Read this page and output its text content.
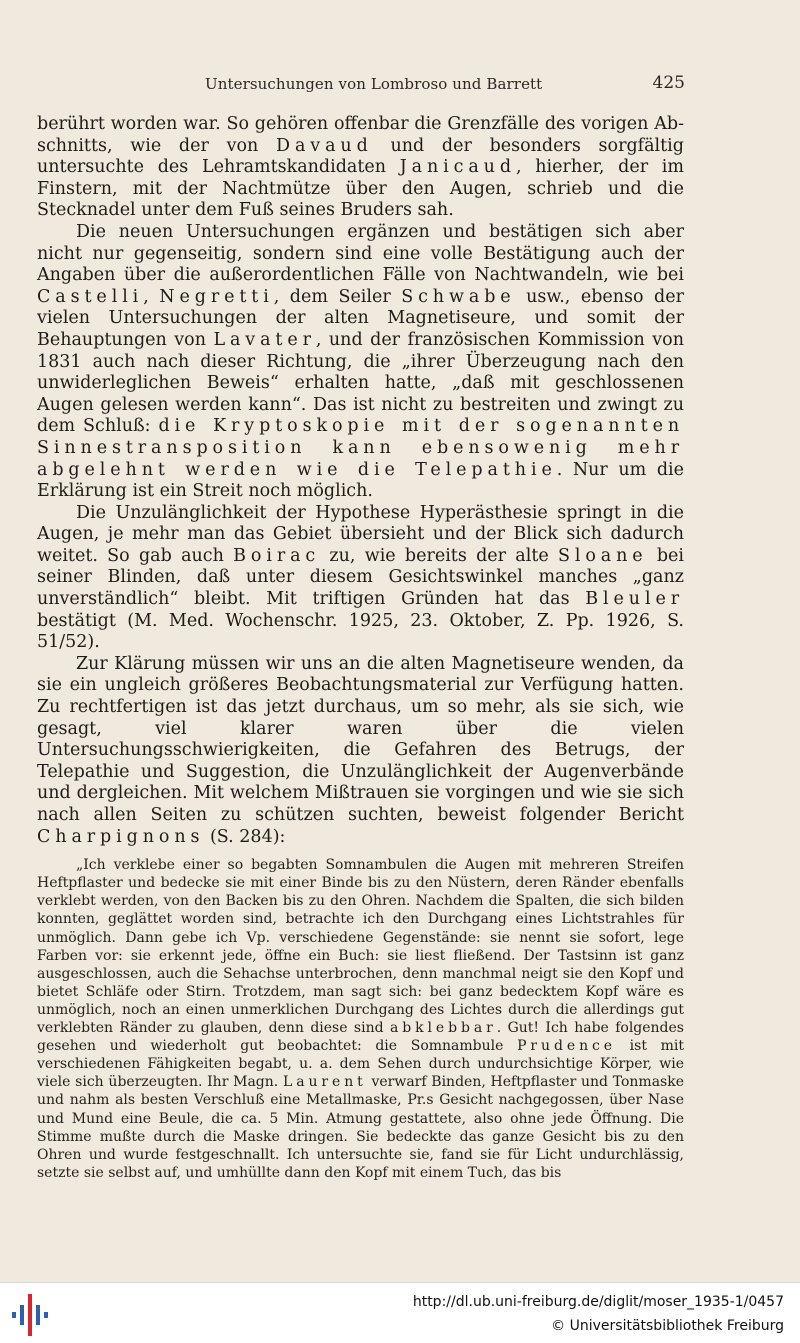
Untersuchungen von Lombroso und Barrett	425

berührt worden war. So gehören offenbar die Grenzfälle des vorigen Abschnitts, wie der von Davaud und der besonders sorgfältig untersuchte des Lehramtskandidaten Janicaud, hierher, der im Finstern, mit der Nachtmütze über den Augen, schrieb und die Stecknadel unter dem Fuß seines Bruders sah.

Die neuen Untersuchungen ergänzen und bestätigen sich aber nicht nur gegenseitig, sondern sind eine volle Bestätigung auch der Angaben über die außerordentlichen Fälle von Nachtwandeln, wie bei Castelli, Negretti, dem Seiler Schwabe usw., ebenso der vielen Untersuchungen der alten Magnetiseure, und somit der Behauptungen von Lavater, und der französischen Kommission von 1831 auch nach dieser Richtung, die „ihrer Überzeugung nach den unwiderleglichen Beweis“ erhalten hatte, „daß mit geschlossenen Augen gelesen werden kann“. Das ist nicht zu bestreiten und zwingt zu dem Schluß: die Kryptoskopie mit der sogenannten Sinnestransposition kann ebensowenig mehr abgelehnt werden wie die Telepathie. Nur um die Erklärung ist ein Streit noch möglich.

Die Unzulänglichkeit der Hypothese Hyperästhesie springt in die Augen, je mehr man das Gebiet übersieht und der Blick sich dadurch weitet. So gab auch Boirac zu, wie bereits der alte Sloane bei seiner Blinden, daß unter diesem Gesichtswinkel manches „ganz unverständlich“ bleibt. Mit triftigen Gründen hat das Bleuler bestätigt (M. Med. Wochenschr. 1925, 23. Oktober, Z. Pp. 1926, S. 51/52).

Zur Klärung müssen wir uns an die alten Magnetiseure wenden, da sie ein ungleich größeres Beobachtungsmaterial zur Verfügung hatten. Zu rechtfertigen ist das jetzt durchaus, um so mehr, als sie sich, wie gesagt, viel klarer waren über die vielen Untersuchungsschwierigkeiten, die Gefahren des Betrugs, der Telepathie und Suggestion, die Unzulänglichkeit der Augenverbände und dergleichen. Mit welchem Mißtrauen sie vorgingen und wie sie sich nach allen Seiten zu schützen suchten, beweist folgender Bericht Charpignons (S. 284):

„Ich verklebe einer so begabten Somnambulen die Augen mit mehreren Streifen Heftpflaster und bedecke sie mit einer Binde bis zu den Nüstern, deren Ränder ebenfalls verklebt werden, von den Backen bis zu den Ohren. Nachdem die Spalten, die sich bilden konnten, geglättet worden sind, betrachte ich den Durchgang eines Lichtstrahles für unmöglich. Dann gebe ich Vp. verschiedene Gegenstände: sie nennt sie sofort, lege Farben vor: sie erkennt jede, öffne ein Buch: sie liest fließend. Der Tastsinn ist ganz ausgeschlossen, auch die Sehachse unterbrochen, denn manchmal neigt sie den Kopf und bietet Schläfe oder Stirn. Trotzdem, man sagt sich: bei ganz bedecktem Kopf wäre es unmöglich, noch an einen unmerklichen Durchgang des Lichtes durch die allerdings gut verklebten Ränder zu glauben, denn diese sind abklebbar. Gut! Ich habe folgendes gesehen und wiederholt gut beobachtet: die Somnambule Prudence ist mit verschiedenen Fähigkeiten begabt, u. a. dem Sehen durch undurchsichtige Körper, wie viele sich überzeugten. Ihr Magn. Laurent verwarf Binden, Heftpflaster und Tonmaske und nahm als besten Verschluß eine Metallmaske, Pr.s Gesicht nachgegossen, über Nase und Mund eine Beule, die ca. 5 Min. Atmung gestattete, also ohne jede Öffnung. Die Stimme mußte durch die Maske dringen. Sie bedeckte das ganze Gesicht bis zu den Ohren und wurde festgeschnallt. Ich untersuchte sie, fand sie für Licht undurchlässig, setzte sie selbst auf, und umhüllte dann den Kopf mit einem Tuch, das bis

http://dl.ub.uni-freiburg.de/diglit/moser_1935-1/0457
© Universitätsbibliothek Freiburg
